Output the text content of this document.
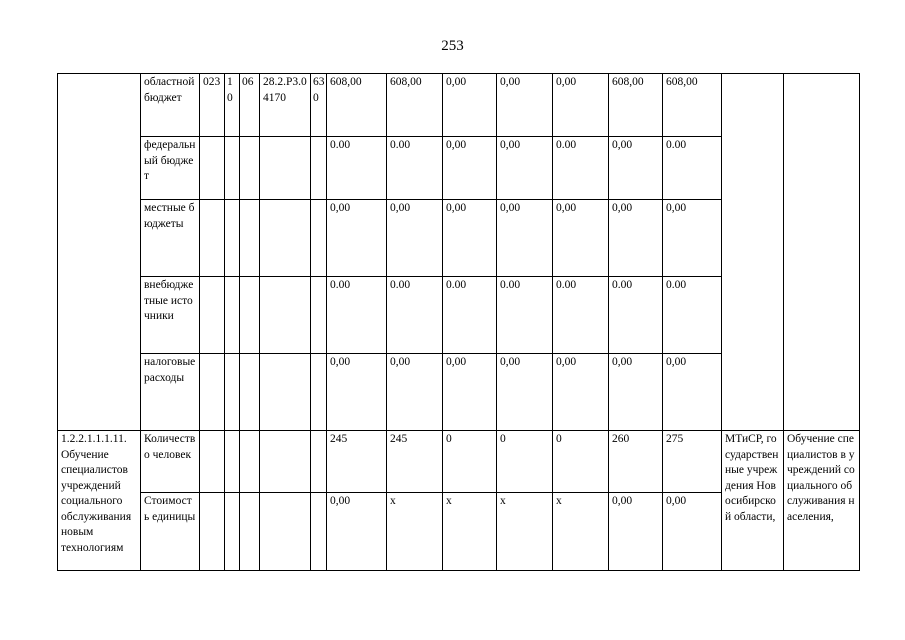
253
	областной бюджет	023	10	06	28.2.Р3.04170	630	608,00	608,00	0,00	0,00	0,00	608,00	608,00		
	федеральный бюджет						0.00	0.00	0,00	0,00	0.00	0,00	0.00		
	местные бюджеты						0,00	0,00	0,00	0,00	0,00	0,00	0,00		
	внебюджетные источники						0.00	0.00	0.00	0.00	0.00	0.00	0.00		
	налоговые расходы						0,00	0,00	0,00	0,00	0,00	0,00	0,00		
1.2.2.1.1.1.11. Обучение специалистов учреждений социального обслуживания новым технологиям	Количество человек						245	245	0	0	0	260	275	МТиСР, государственные учреждения Новосибирской области,	Обучение специалистов в учреждений социального обслуживания населения,
	Стоимость единицы						0,00	х	х	х	х	0,00	0,00		
